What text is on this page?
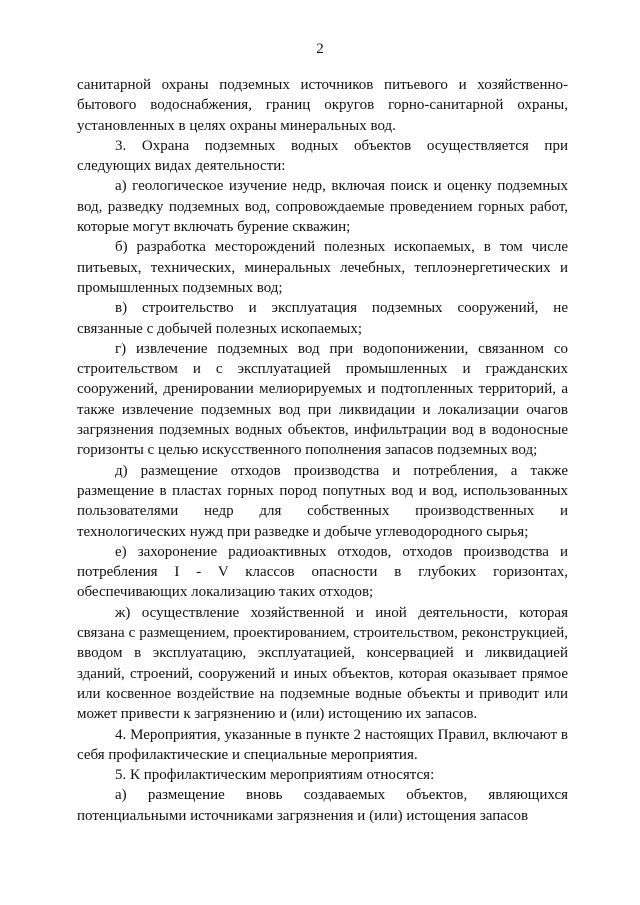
2

санитарной охраны подземных источников питьевого и хозяйственно-бытового водоснабжения, границ округов горно-санитарной охраны, установленных в целях охраны минеральных вод.

3. Охрана подземных водных объектов осуществляется при следующих видах деятельности:

а) геологическое изучение недр, включая поиск и оценку подземных вод, разведку подземных вод, сопровождаемые проведением горных работ, которые могут включать бурение скважин;

б) разработка месторождений полезных ископаемых, в том числе питьевых, технических, минеральных лечебных, теплоэнергетических и промышленных подземных вод;

в) строительство и эксплуатация подземных сооружений, не связанные с добычей полезных ископаемых;

г) извлечение подземных вод при водопонижении, связанном со строительством и с эксплуатацией промышленных и гражданских сооружений, дренировании мелиорируемых и подтопленных территорий, а также извлечение подземных вод при ликвидации и локализации очагов загрязнения подземных водных объектов, инфильтрации вод в водоносные горизонты с целью искусственного пополнения запасов подземных вод;

д) размещение отходов производства и потребления, а также размещение в пластах горных пород попутных вод и вод, использованных пользователями недр для собственных производственных и технологических нужд при разведке и добыче углеводородного сырья;

е) захоронение радиоактивных отходов, отходов производства и потребления I - V классов опасности в глубоких горизонтах, обеспечивающих локализацию таких отходов;

ж) осуществление хозяйственной и иной деятельности, которая связана с размещением, проектированием, строительством, реконструкцией, вводом в эксплуатацию, эксплуатацией, консервацией и ликвидацией зданий, строений, сооружений и иных объектов, которая оказывает прямое или косвенное воздействие на подземные водные объекты и приводит или может привести к загрязнению и (или) истощению их запасов.

4. Мероприятия, указанные в пункте 2 настоящих Правил, включают в себя профилактические и специальные мероприятия.

5. К профилактическим мероприятиям относятся:

а) размещение вновь создаваемых объектов, являющихся потенциальными источниками загрязнения и (или) истощения запасов
